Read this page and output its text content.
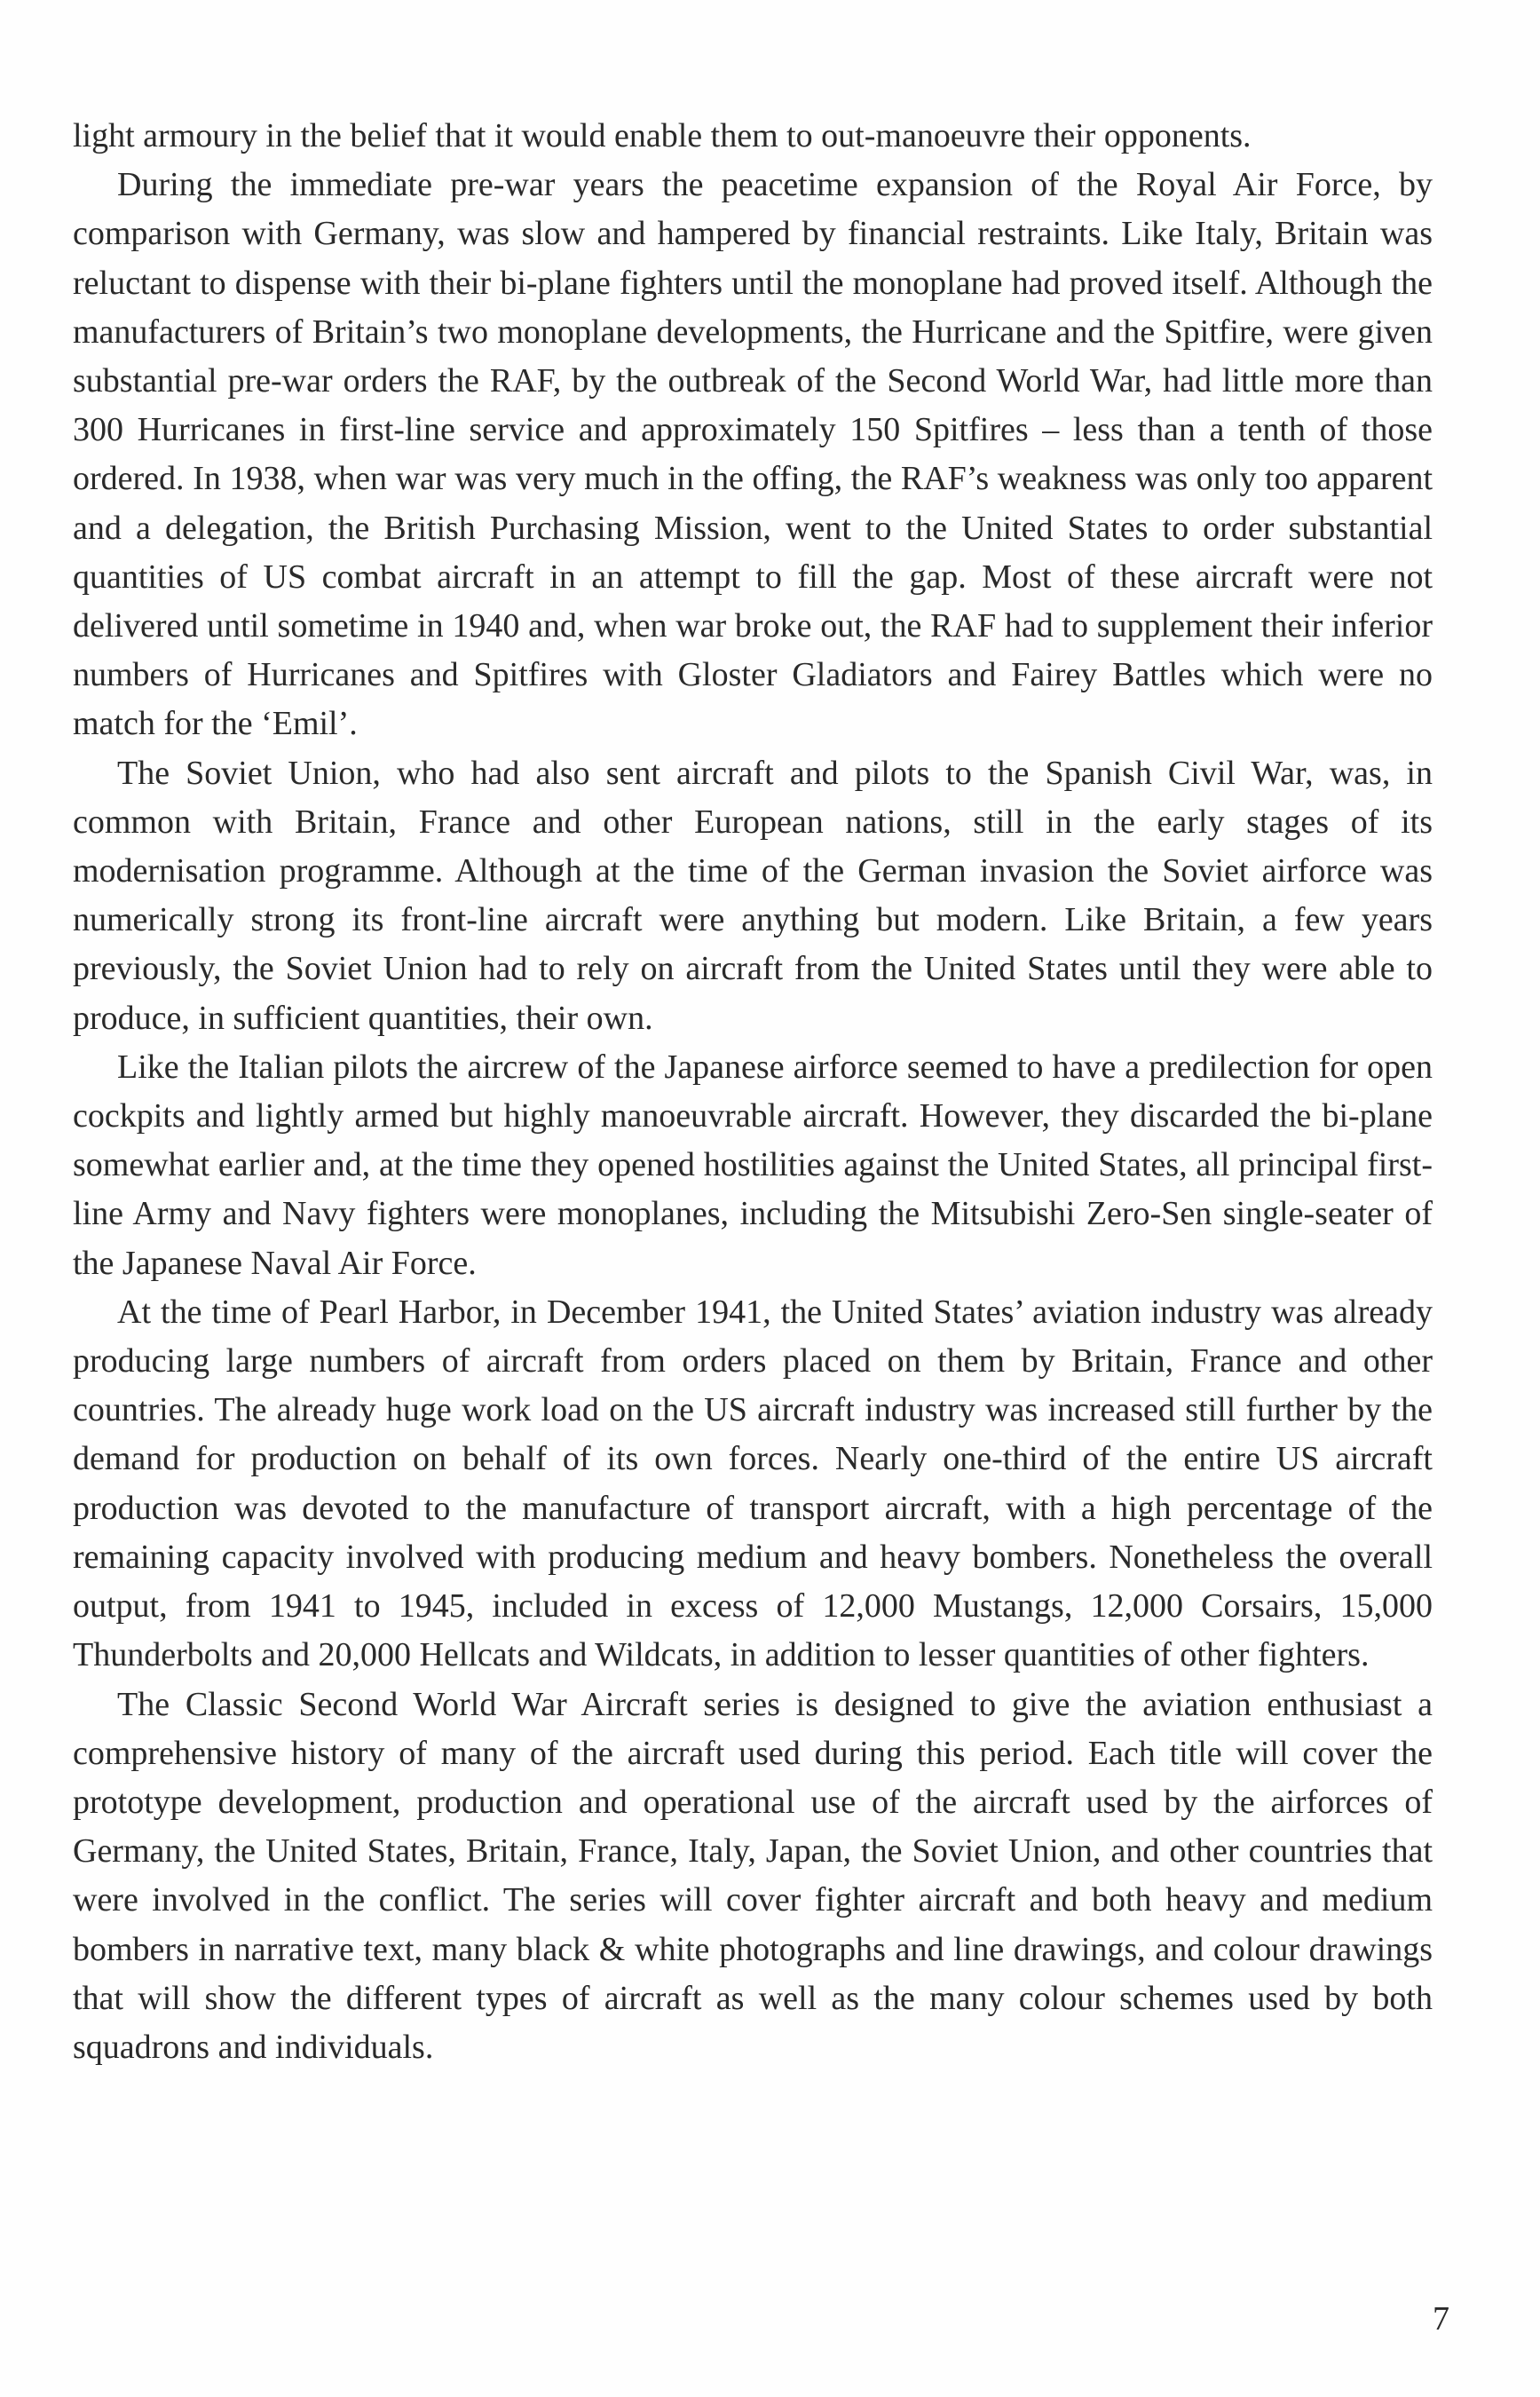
light armoury in the belief that it would enable them to out-manoeuvre their opponents.

During the immediate pre-war years the peacetime expansion of the Royal Air Force, by comparison with Germany, was slow and hampered by financial restraints. Like Italy, Britain was reluctant to dispense with their bi-plane fighters until the monoplane had proved itself. Although the manufacturers of Britain’s two monoplane developments, the Hurricane and the Spitfire, were given substantial pre-war orders the RAF, by the outbreak of the Second World War, had little more than 300 Hurricanes in first-line service and approximately 150 Spitfires – less than a tenth of those ordered. In 1938, when war was very much in the offing, the RAF’s weakness was only too apparent and a delegation, the British Purchasing Mission, went to the United States to order substantial quantities of US combat aircraft in an attempt to fill the gap. Most of these aircraft were not delivered until sometime in 1940 and, when war broke out, the RAF had to supplement their inferior numbers of Hurricanes and Spitfires with Gloster Gladiators and Fairey Battles which were no match for the ‘Emil’.

The Soviet Union, who had also sent aircraft and pilots to the Spanish Civil War, was, in common with Britain, France and other European nations, still in the early stages of its modernisation programme. Although at the time of the German invasion the Soviet airforce was numerically strong its front-line aircraft were anything but modern. Like Britain, a few years previously, the Soviet Union had to rely on aircraft from the United States until they were able to produce, in sufficient quantities, their own.

Like the Italian pilots the aircrew of the Japanese airforce seemed to have a predilection for open cockpits and lightly armed but highly manoeuvrable aircraft. However, they discarded the bi-plane somewhat earlier and, at the time they opened hostilities against the United States, all principal first-line Army and Navy fighters were monoplanes, including the Mitsubishi Zero-Sen single-seater of the Japanese Naval Air Force.

At the time of Pearl Harbor, in December 1941, the United States’ aviation industry was already producing large numbers of aircraft from orders placed on them by Britain, France and other countries. The already huge work load on the US aircraft industry was increased still further by the demand for production on behalf of its own forces. Nearly one-third of the entire US aircraft production was devoted to the manufacture of transport aircraft, with a high percentage of the remaining capacity involved with producing medium and heavy bombers. Nonetheless the overall output, from 1941 to 1945, included in excess of 12,000 Mustangs, 12,000 Corsairs, 15,000 Thunderbolts and 20,000 Hellcats and Wildcats, in addition to lesser quantities of other fighters.

The Classic Second World War Aircraft series is designed to give the aviation enthusiast a comprehensive history of many of the aircraft used during this period. Each title will cover the prototype development, production and operational use of the aircraft used by the airforces of Germany, the United States, Britain, France, Italy, Japan, the Soviet Union, and other countries that were involved in the conflict. The series will cover fighter aircraft and both heavy and medium bombers in narrative text, many black & white photographs and line drawings, and colour drawings that will show the different types of aircraft as well as the many colour schemes used by both squadrons and individuals.

7
